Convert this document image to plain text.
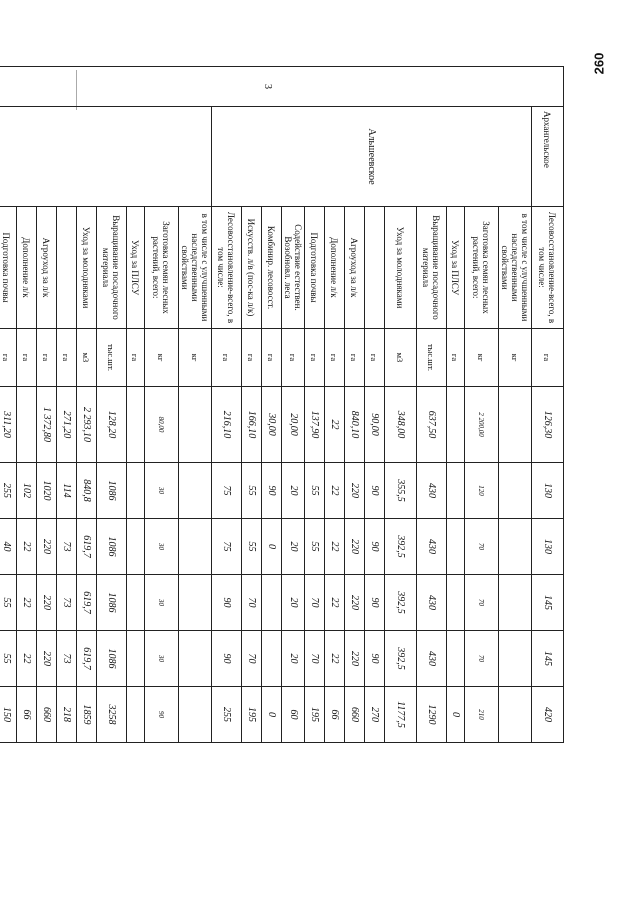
260
3	Архангельское	Лесовосстановление-всего, в том числе:	га	126,30	130	130	145	145	420
	Альшеевское	в том числе с улучшенными наследственными свойствами	кг						
		Заготовка семян лесных растений, всего:	кг	2 200,00	120	70	70	70	210
		Уход за ПЛСУ	га						0
		Выращивание посадочного материала	тыс.шт.	637,50	430	430	430	430	1290
		Уход за молодняками	м3	348,00	355,5	392,5	392,5	392,5	1177,5
			га	90,00	90	90	90	90	270
		Агроуход за л/к	га	840,10	220	220	220	220	660
		Дополнение л/к	га	22	22	22	22	22	66
		Подготовка почвы	га	137,90	55	55	70	70	195
		Содействие естествен. Возобновл. леса	га	20,00	20	20	20	20	60
		Комбинир. лесовосст.	га	30,00	90	0			0
		Искусств. л/в (пос-ка л/к)	га	166,10	55	55	70	70	195
		Лесовосстановление-всего, в том числе:	га	216,10	75	75	90	90	255
		в том числе с улучшенными наследственными свойствами	кг						
		Заготовка семян лесных растений, всего:	кг	80,00	30	30	30	30	90
		Уход за ПЛСУ	га						
		Выращивание посадочного материала	тыс.шт.	128,20	1086	1086	1086	1086	3258
		Уход за молодняками	м3	2 293,10	840,8	619,7	619,7	619,7	1859
			га	271,20	114	73	73	73	218
		Агроуход за л/к	га	1 372,80	1020	220	220	220	660
		Дополнение л/к	га		102	22	22	22	66
		Подготовка почвы	га	311,20	255	40	55	55	150
